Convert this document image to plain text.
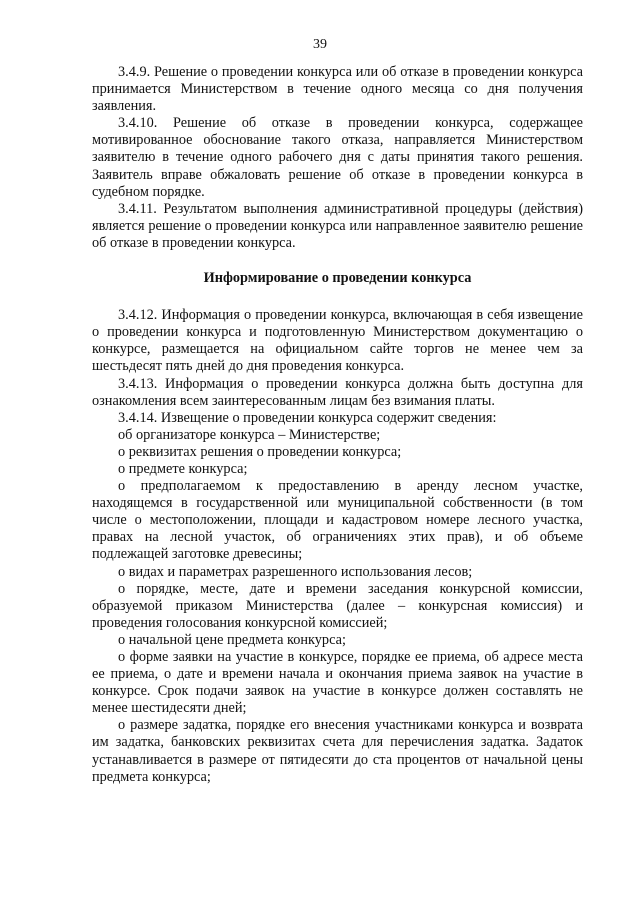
39

3.4.9. Решение о проведении конкурса или об отказе в проведении конкурса принимается Министерством в течение одного месяца со дня получения заявления.

3.4.10. Решение об отказе в проведении конкурса, содержащее мотивированное обоснование такого отказа, направляется Министерством заявителю в течение одного рабочего дня с даты принятия такого решения. Заявитель вправе обжаловать решение об отказе в проведении конкурса в судебном порядке.

3.4.11. Результатом выполнения административной процедуры (действия) является решение о проведении конкурса или направленное заявителю решение об отказе в проведении конкурса.

Информирование о проведении конкурса

3.4.12. Информация о проведении конкурса, включающая в себя извещение о проведении конкурса и подготовленную Министерством документацию о конкурсе, размещается на официальном сайте торгов не менее чем за шестьдесят пять дней до дня проведения конкурса.

3.4.13. Информация о проведении конкурса должна быть доступна для ознакомления всем заинтересованным лицам без взимания платы.

3.4.14. Извещение о проведении конкурса содержит сведения:

об организаторе конкурса – Министерстве;

о реквизитах решения о проведении конкурса;

о предмете конкурса;

о предполагаемом к предоставлению в аренду лесном участке, находящемся в государственной или муниципальной собственности (в том числе о местоположении, площади и кадастровом номере лесного участка, правах на лесной участок, об ограничениях этих прав), и об объеме подлежащей заготовке древесины;

о видах и параметрах разрешенного использования лесов;

о порядке, месте, дате и времени заседания конкурсной комиссии, образуемой приказом Министерства (далее – конкурсная комиссия) и проведения голосования конкурсной комиссией;

о начальной цене предмета конкурса;

о форме заявки на участие в конкурсе, порядке ее приема, об адресе места ее приема, о дате и времени начала и окончания приема заявок на участие в конкурсе. Срок подачи заявок на участие в конкурсе должен составлять не менее шестидесяти дней;

о размере задатка, порядке его внесения участниками конкурса и возврата им задатка, банковских реквизитах счета для перечисления задатка. Задаток устанавливается в размере от пятидесяти до ста процентов от начальной цены предмета конкурса;
